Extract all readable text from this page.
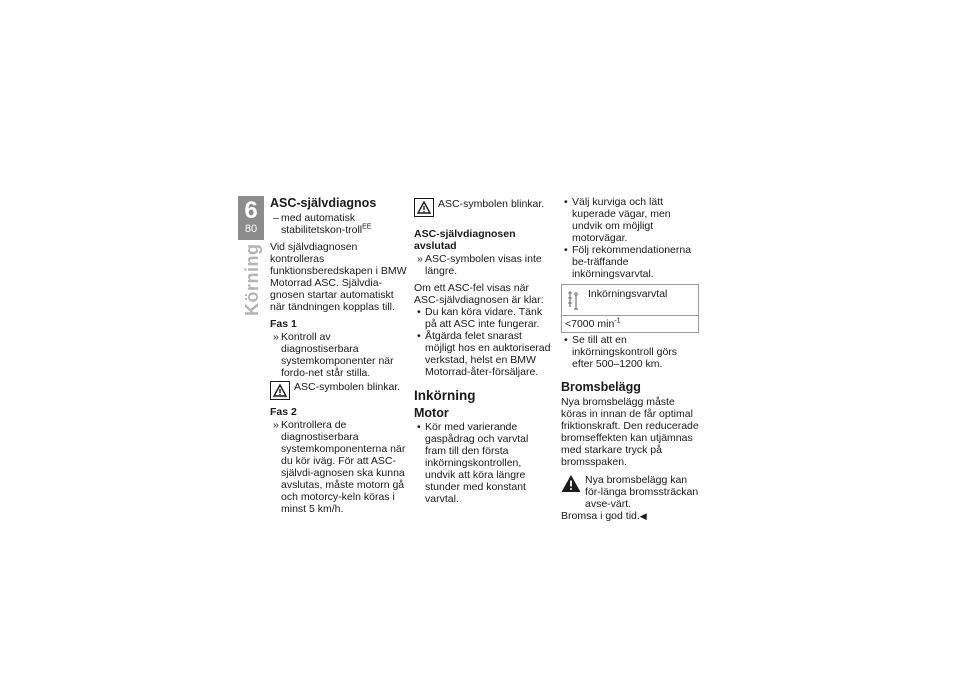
6
80
Körning
ASC-självdiagnos
– med automatisk stabilitetskon-troll$^{EE}$

Vid självdiagnosen kontrolleras funktionsberedskapen i BMW Motorrad ASC. Självdia-gnosen startar automatiskt när tändningen kopplas till.

Fas 1
» Kontroll av diagnostiserbara systemkomponenter när fordo-net står stilla.
ASC-symbolen blinkar.
Fas 2
» Kontrollera de diagnostiserbara systemkomponenterna när du kör iväg. För att ASC-självdi-agnosen ska kunna avslutas, måste motorn gå och motorcy-keln köras i minst 5 km/h.
ASC-symbolen blinkar.
ASC-självdiagnosen avslutad
» ASC-symbolen visas inte längre.

Om ett ASC-fel visas när ASC-självdiagnosen är klar:

• Du kan köra vidare. Tänk på att ASC inte fungerar.
• Åtgärda felet snarast möjligt hos en auktoriserad verkstad, helst en BMW Motorrad-åter-försäljare.
Inkörning
Motor
• Kör med varierande gaspådrag och varvtal fram till den första inkörningskontrollen, undvik att köra längre stunder med konstant varvtal.
• Välj kurviga och lätt kuperade vägar, men undvik om möjligt motorvägar.
• Följ rekommendationerna be-träffande inkörningsvarvtal.
Inkörningsvarvtal
<7000 $\min^{-1}$
• Se till att en inkörningskontroll görs efter 500–1200 km.
Bromsbelägg

Nya bromsbelägg måste köras in innan de får optimal friktionskraft. Den reducerade bromseffekten kan utjämnas med starkare tryck på bromsspaken.

Nya bromsbelägg kan för-länga bromssträckan avse-värt.
Bromsa i god tid.◀
